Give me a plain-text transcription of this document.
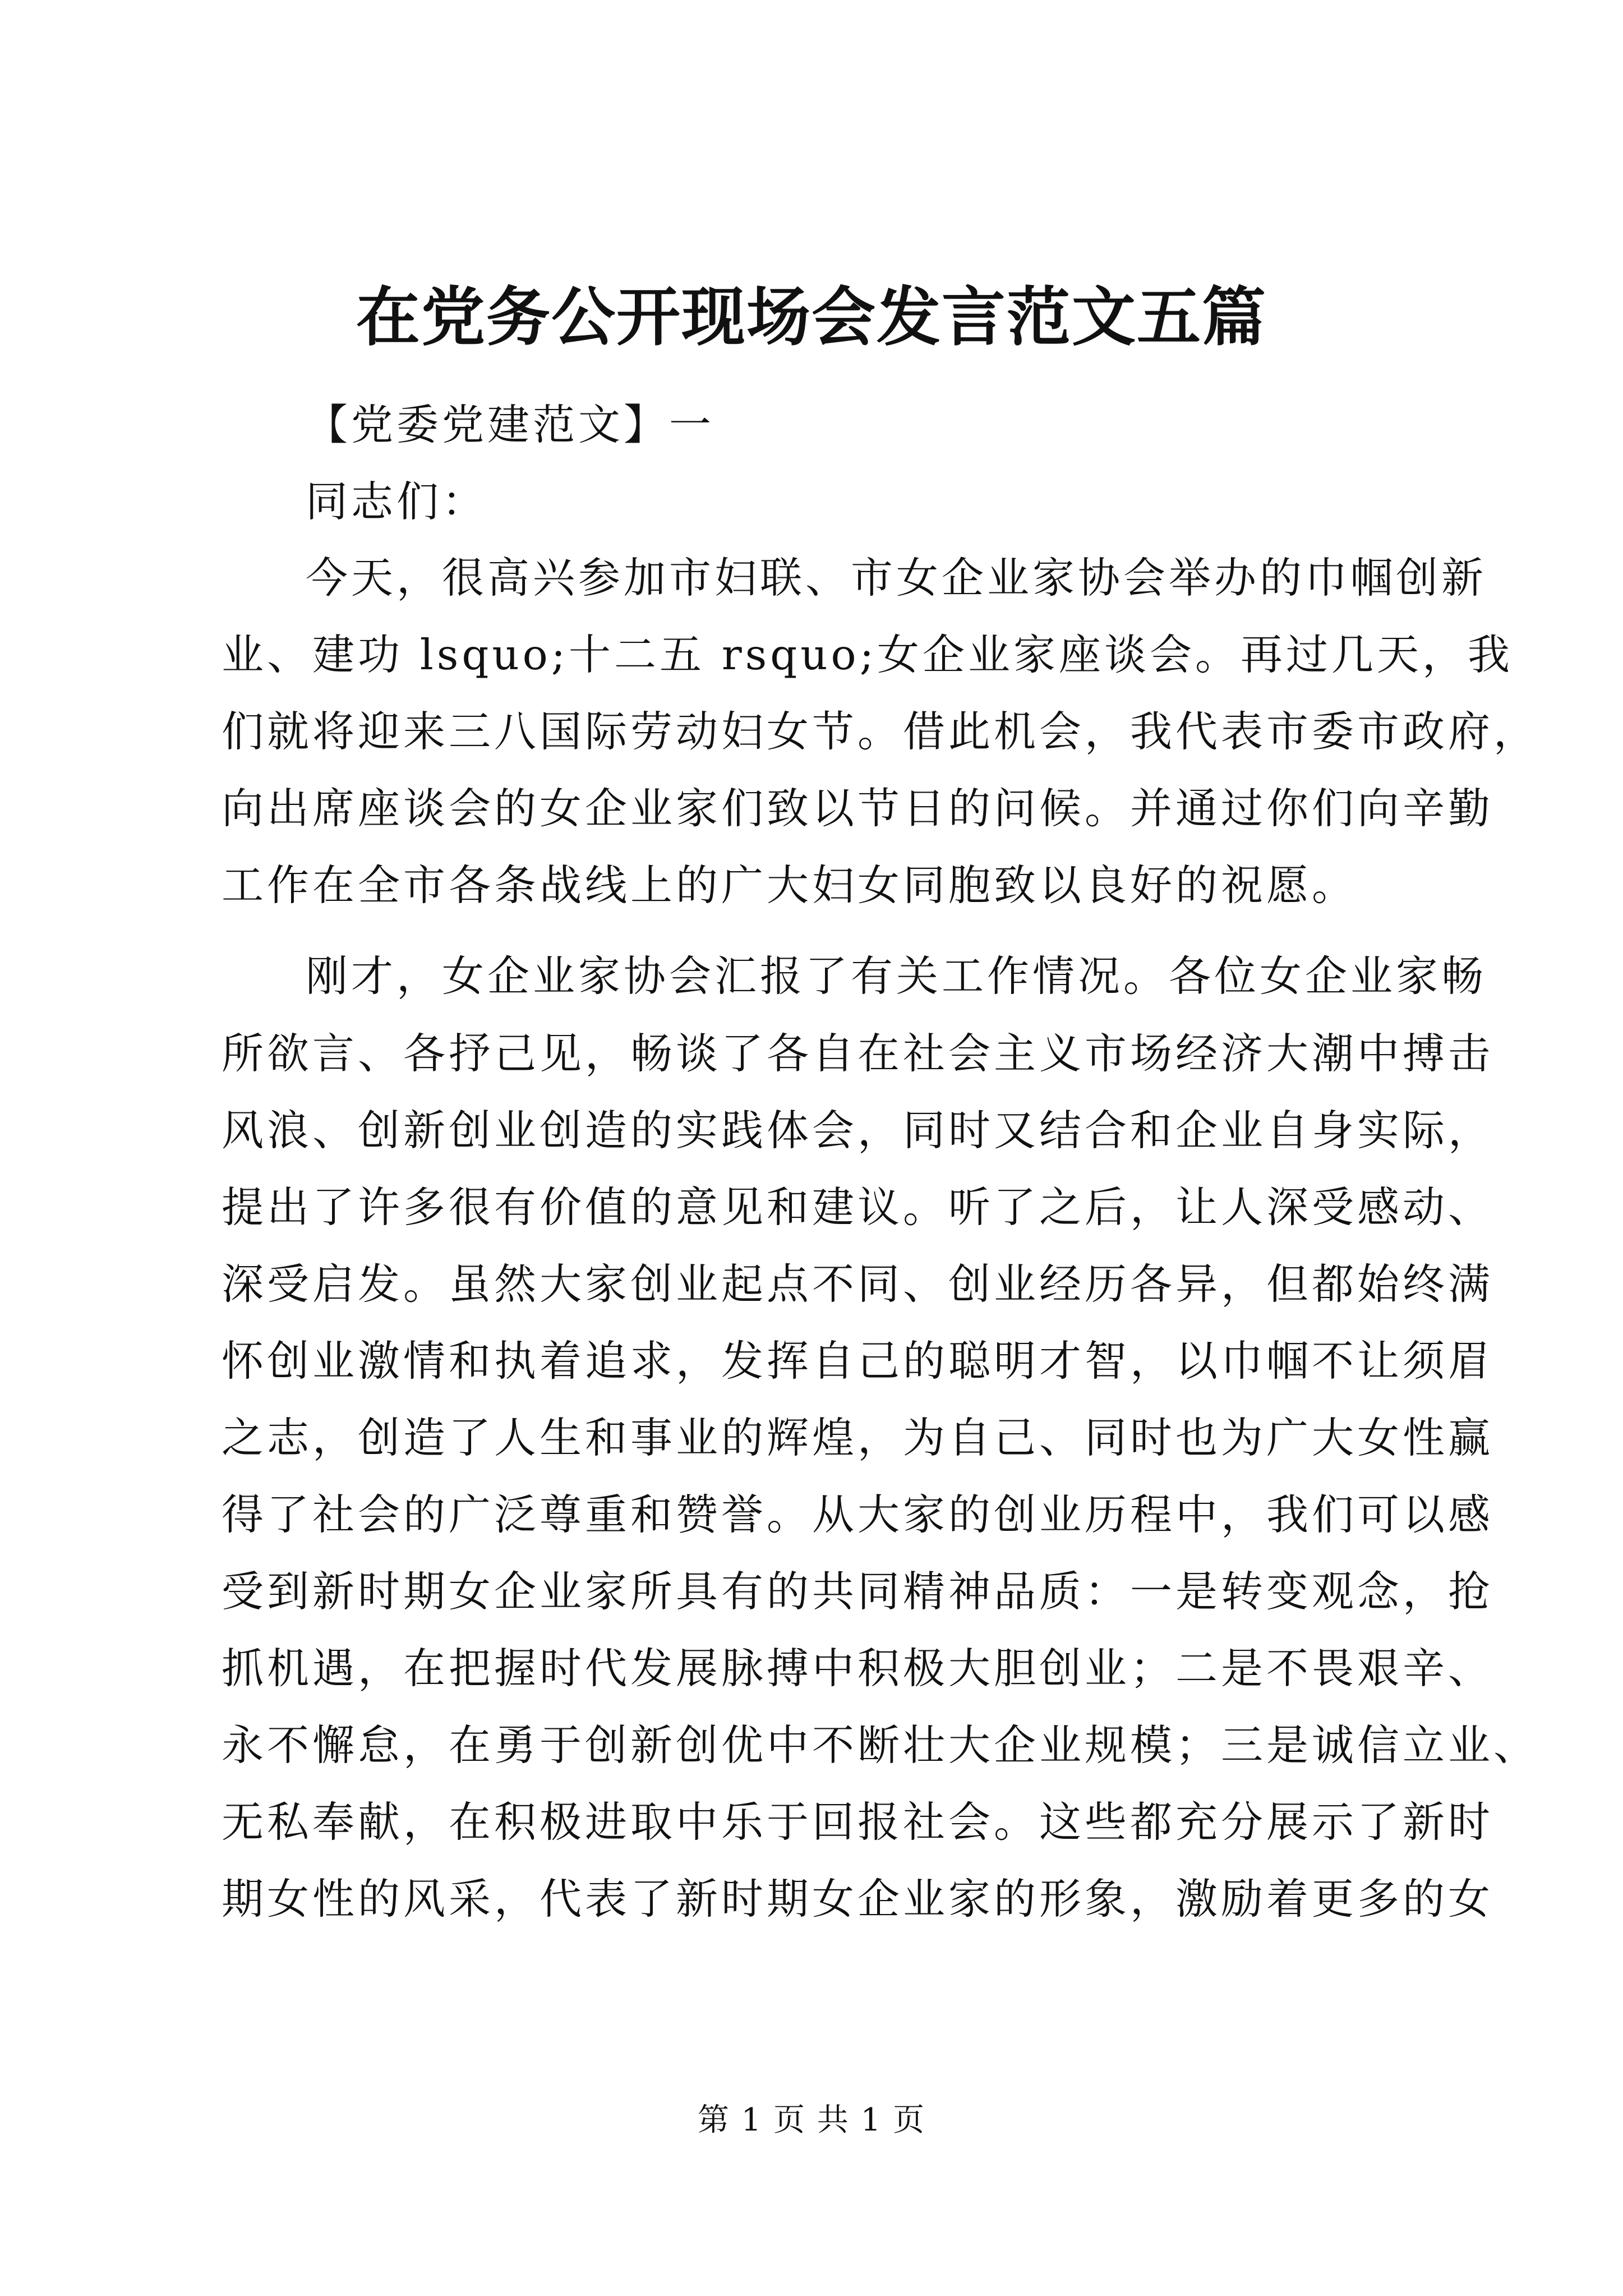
在党务公开现场会发言范文五篇

【党委党建范文】一

同志们：

今天，很高兴参加市妇联、市女企业家协会举办的巾帼创新

业、建功 lsquo;十二五 rsquo;女企业家座谈会。再过几天，我

们就将迎来三八国际劳动妇女节。借此机会，我代表市委市政府，

向出席座谈会的女企业家们致以节日的问候。并通过你们向辛勤

工作在全市各条战线上的广大妇女同胞致以良好的祝愿。

刚才，女企业家协会汇报了有关工作情况。各位女企业家畅

所欲言、各抒己见，畅谈了各自在社会主义市场经济大潮中搏击

风浪、创新创业创造的实践体会，同时又结合和企业自身实际，

提出了许多很有价值的意见和建议。听了之后，让人深受感动、

深受启发。虽然大家创业起点不同、创业经历各异，但都始终满

怀创业激情和执着追求，发挥自己的聪明才智，以巾帼不让须眉

之志，创造了人生和事业的辉煌，为自己、同时也为广大女性赢

得了社会的广泛尊重和赞誉。从大家的创业历程中，我们可以感

受到新时期女企业家所具有的共同精神品质：一是转变观念，抢

抓机遇，在把握时代发展脉搏中积极大胆创业；二是不畏艰辛、

永不懈怠，在勇于创新创优中不断壮大企业规模；三是诚信立业、

无私奉献，在积极进取中乐于回报社会。这些都充分展示了新时

期女性的风采，代表了新时期女企业家的形象，激励着更多的女

第 1 页 共 1 页
